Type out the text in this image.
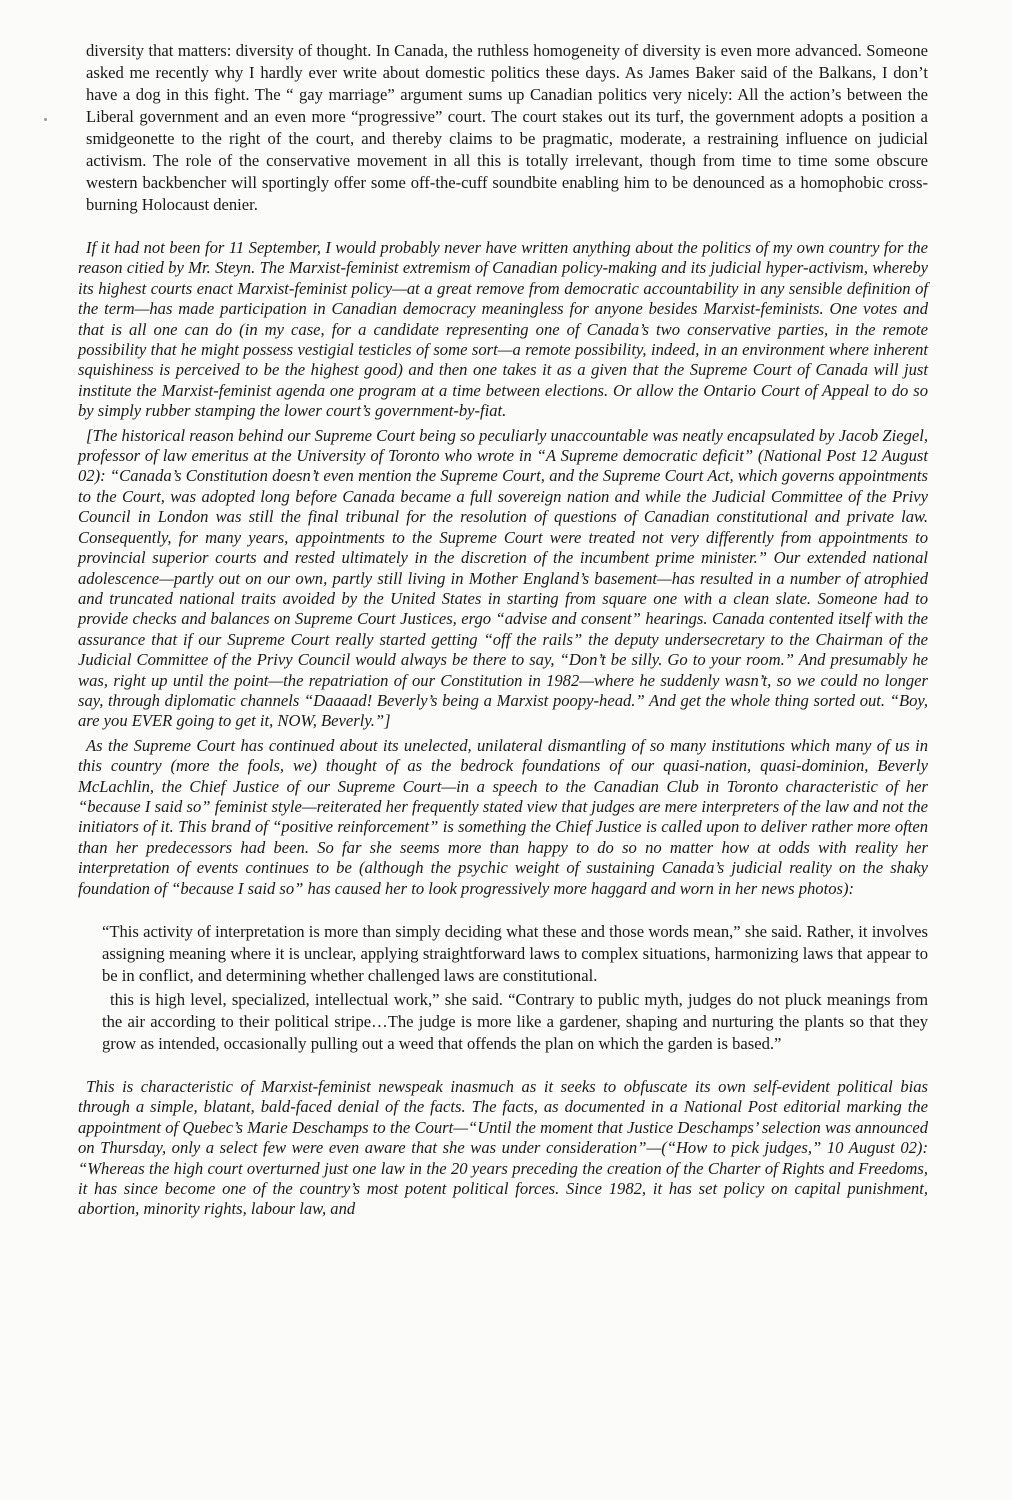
diversity that matters: diversity of thought. In Canada, the ruthless homogeneity of diversity is even more advanced. Someone asked me recently why I hardly ever write about domestic politics these days. As James Baker said of the Balkans, I don’t have a dog in this fight. The “ gay marriage” argument sums up Canadian politics very nicely: All the action’s between the Liberal government and an even more “progressive” court. The court stakes out its turf, the government adopts a position a smidgeonette to the right of the court, and thereby claims to be pragmatic, moderate, a restraining influence on judicial activism. The role of the conservative movement in all this is totally irrelevant, though from time to time some obscure western backbencher will sportingly offer some off-the-cuff soundbite enabling him to be denounced as a homophobic cross-burning Holocaust denier.

If it had not been for 11 September, I would probably never have written anything about the politics of my own country for the reason citied by Mr. Steyn. The Marxist-feminist extremism of Canadian policy-making and its judicial hyper-activism, whereby its highest courts enact Marxist-feminist policy—at a great remove from democratic accountability in any sensible definition of the term—has made participation in Canadian democracy meaningless for anyone besides Marxist-feminists. One votes and that is all one can do (in my case, for a candidate representing one of Canada’s two conservative parties, in the remote possibility that he might possess vestigial testicles of some sort—a remote possibility, indeed, in an environment where inherent squishiness is perceived to be the highest good) and then one takes it as a given that the Supreme Court of Canada will just institute the Marxist-feminist agenda one program at a time between elections. Or allow the Ontario Court of Appeal to do so by simply rubber stamping the lower court’s government-by-fiat.

[The historical reason behind our Supreme Court being so peculiarly unaccountable was neatly encapsulated by Jacob Ziegel, professor of law emeritus at the University of Toronto who wrote in “A Supreme democratic deficit” (National Post 12 August 02): “Canada’s Constitution doesn’t even mention the Supreme Court, and the Supreme Court Act, which governs appointments to the Court, was adopted long before Canada became a full sovereign nation and while the Judicial Committee of the Privy Council in London was still the final tribunal for the resolution of questions of Canadian constitutional and private law. Consequently, for many years, appointments to the Supreme Court were treated not very differently from appointments to provincial superior courts and rested ultimately in the discretion of the incumbent prime minister.” Our extended national adolescence—partly out on our own, partly still living in Mother England’s basement—has resulted in a number of atrophied and truncated national traits avoided by the United States in starting from square one with a clean slate. Someone had to provide checks and balances on Supreme Court Justices, ergo “advise and consent” hearings. Canada contented itself with the assurance that if our Supreme Court really started getting “off the rails” the deputy undersecretary to the Chairman of the Judicial Committee of the Privy Council would always be there to say, “Don’t be silly. Go to your room.” And presumably he was, right up until the point—the repatriation of our Constitution in 1982—where he suddenly wasn’t, so we could no longer say, through diplomatic channels “Daaaad! Beverly’s being a Marxist poopy-head.” And get the whole thing sorted out. “Boy, are you EVER going to get it, NOW, Beverly.”]

As the Supreme Court has continued about its unelected, unilateral dismantling of so many institutions which many of us in this country (more the fools, we) thought of as the bedrock foundations of our quasi-nation, quasi-dominion, Beverly McLachlin, the Chief Justice of our Supreme Court—in a speech to the Canadian Club in Toronto characteristic of her “because I said so” feminist style—reiterated her frequently stated view that judges are mere interpreters of the law and not the initiators of it. This brand of “positive reinforcement” is something the Chief Justice is called upon to deliver rather more often than her predecessors had been. So far she seems more than happy to do so no matter how at odds with reality her interpretation of events continues to be (although the psychic weight of sustaining Canada’s judicial reality on the shaky foundation of “because I said so” has caused her to look progressively more haggard and worn in her news photos):

“This activity of interpretation is more than simply deciding what these and those words mean,” she said. Rather, it involves assigning meaning where it is unclear, applying straightforward laws to complex situations, harmonizing laws that appear to be in conflict, and determining whether challenged laws are constitutional.

this is high level, specialized, intellectual work,” she said. “Contrary to public myth, judges do not pluck meanings from the air according to their political stripe…The judge is more like a gardener, shaping and nurturing the plants so that they grow as intended, occasionally pulling out a weed that offends the plan on which the garden is based.”

This is characteristic of Marxist-feminist newspeak inasmuch as it seeks to obfuscate its own self-evident political bias through a simple, blatant, bald-faced denial of the facts. The facts, as documented in a National Post editorial marking the appointment of Quebec’s Marie Deschamps to the Court—“Until the moment that Justice Deschamps’ selection was announced on Thursday, only a select few were even aware that she was under consideration”—(“How to pick judges,” 10 August 02): “Whereas the high court overturned just one law in the 20 years preceding the creation of the Charter of Rights and Freedoms, it has since become one of the country’s most potent political forces. Since 1982, it has set policy on capital punishment, abortion, minority rights, labour law, and
